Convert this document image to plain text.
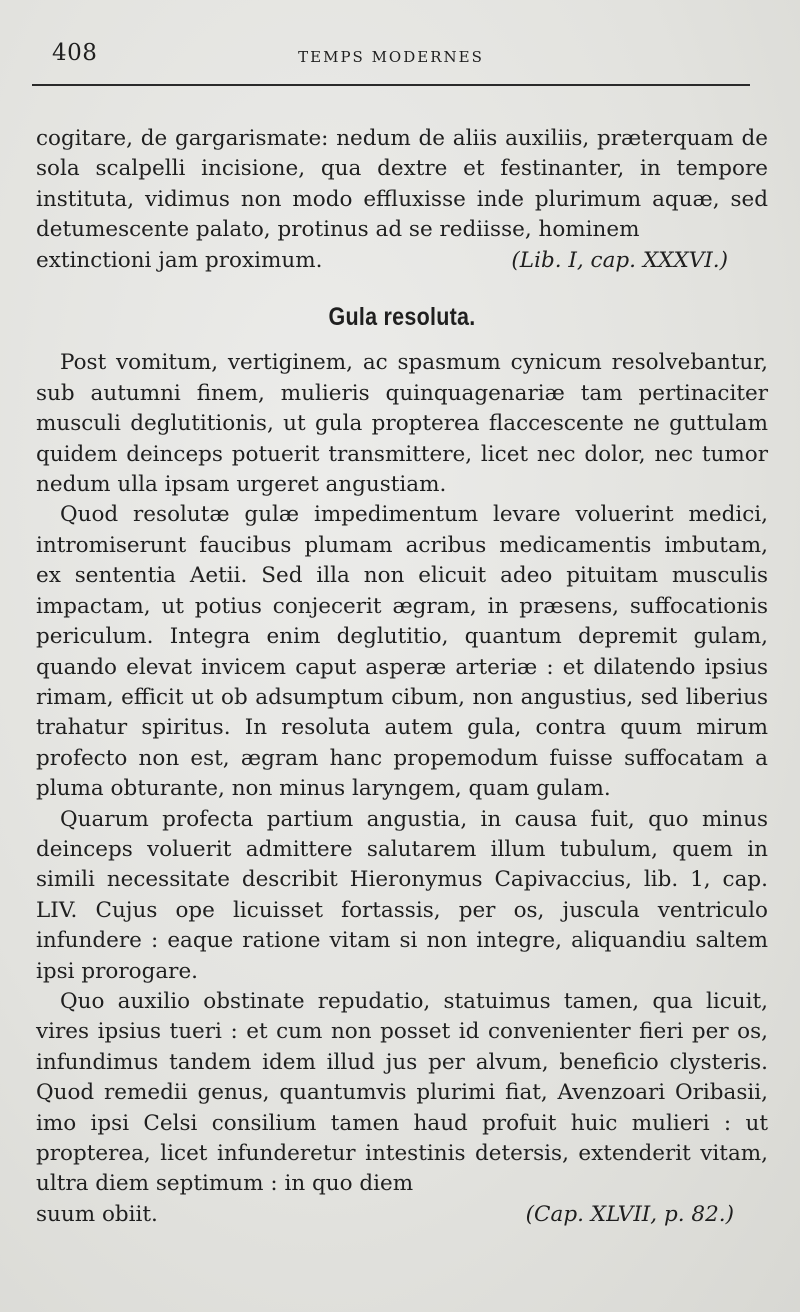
408	TEMPS MODERNES

cogitare, de gargarismate: nedum de aliis auxiliis, præterquam de sola scalpelli incisione, qua dextre et festinanter, in tempore instituta, vidimus non modo effluxisse inde plurimum aquæ, sed detumescente palato, protinus ad se rediisse, hominem

extinctioni jam proximum.	(Lib. I, cap. XXXVI.)
Gula resoluta.

Post vomitum, vertiginem, ac spasmum cynicum resolvebantur, sub autumni finem, mulieris quinquagenariæ tam pertinaciter musculi deglutitionis, ut gula propterea flaccescente ne guttulam quidem deinceps potuerit transmittere, licet nec dolor, nec tumor nedum ulla ipsam urgeret angustiam.

Quod resolutæ gulæ impedimentum levare voluerint medici, intromiserunt faucibus plumam acribus medicamentis imbutam, ex sententia Aetii. Sed illa non elicuit adeo pituitam musculis impactam, ut potius conjecerit ægram, in præsens, suffocationis periculum. Integra enim deglutitio, quantum depremit gulam, quando elevat invicem caput asperæ arteriæ : et dilatendo ipsius rimam, efficit ut ob adsumptum cibum, non angustius, sed liberius trahatur spiritus. In resoluta autem gula, contra quum mirum profecto non est, ægram hanc propemodum fuisse suffocatam a pluma obturante, non minus laryngem, quam gulam.

Quarum profecta partium angustia, in causa fuit, quo minus deinceps voluerit admittere salutarem illum tubulum, quem in simili necessitate describit Hieronymus Capivaccius, lib. 1, cap. LIV. Cujus ope licuisset fortassis, per os, juscula ventriculo infundere : eaque ratione vitam si non integre, aliquandiu saltem ipsi prorogare.

Quo auxilio obstinate repudatio, statuimus tamen, qua licuit, vires ipsius tueri : et cum non posset id convenienter fieri per os, infundimus tandem idem illud jus per alvum, beneficio clysteris. Quod remedii genus, quantumvis plurimi fiat, Avenzoari Oribasii, imo ipsi Celsi consilium tamen haud profuit huic mulieri : ut propterea, licet infunderetur intestinis detersis, extenderit vitam, ultra diem septimum : in quo diem

suum obiit.	(Cap. XLVII, p. 82.)
